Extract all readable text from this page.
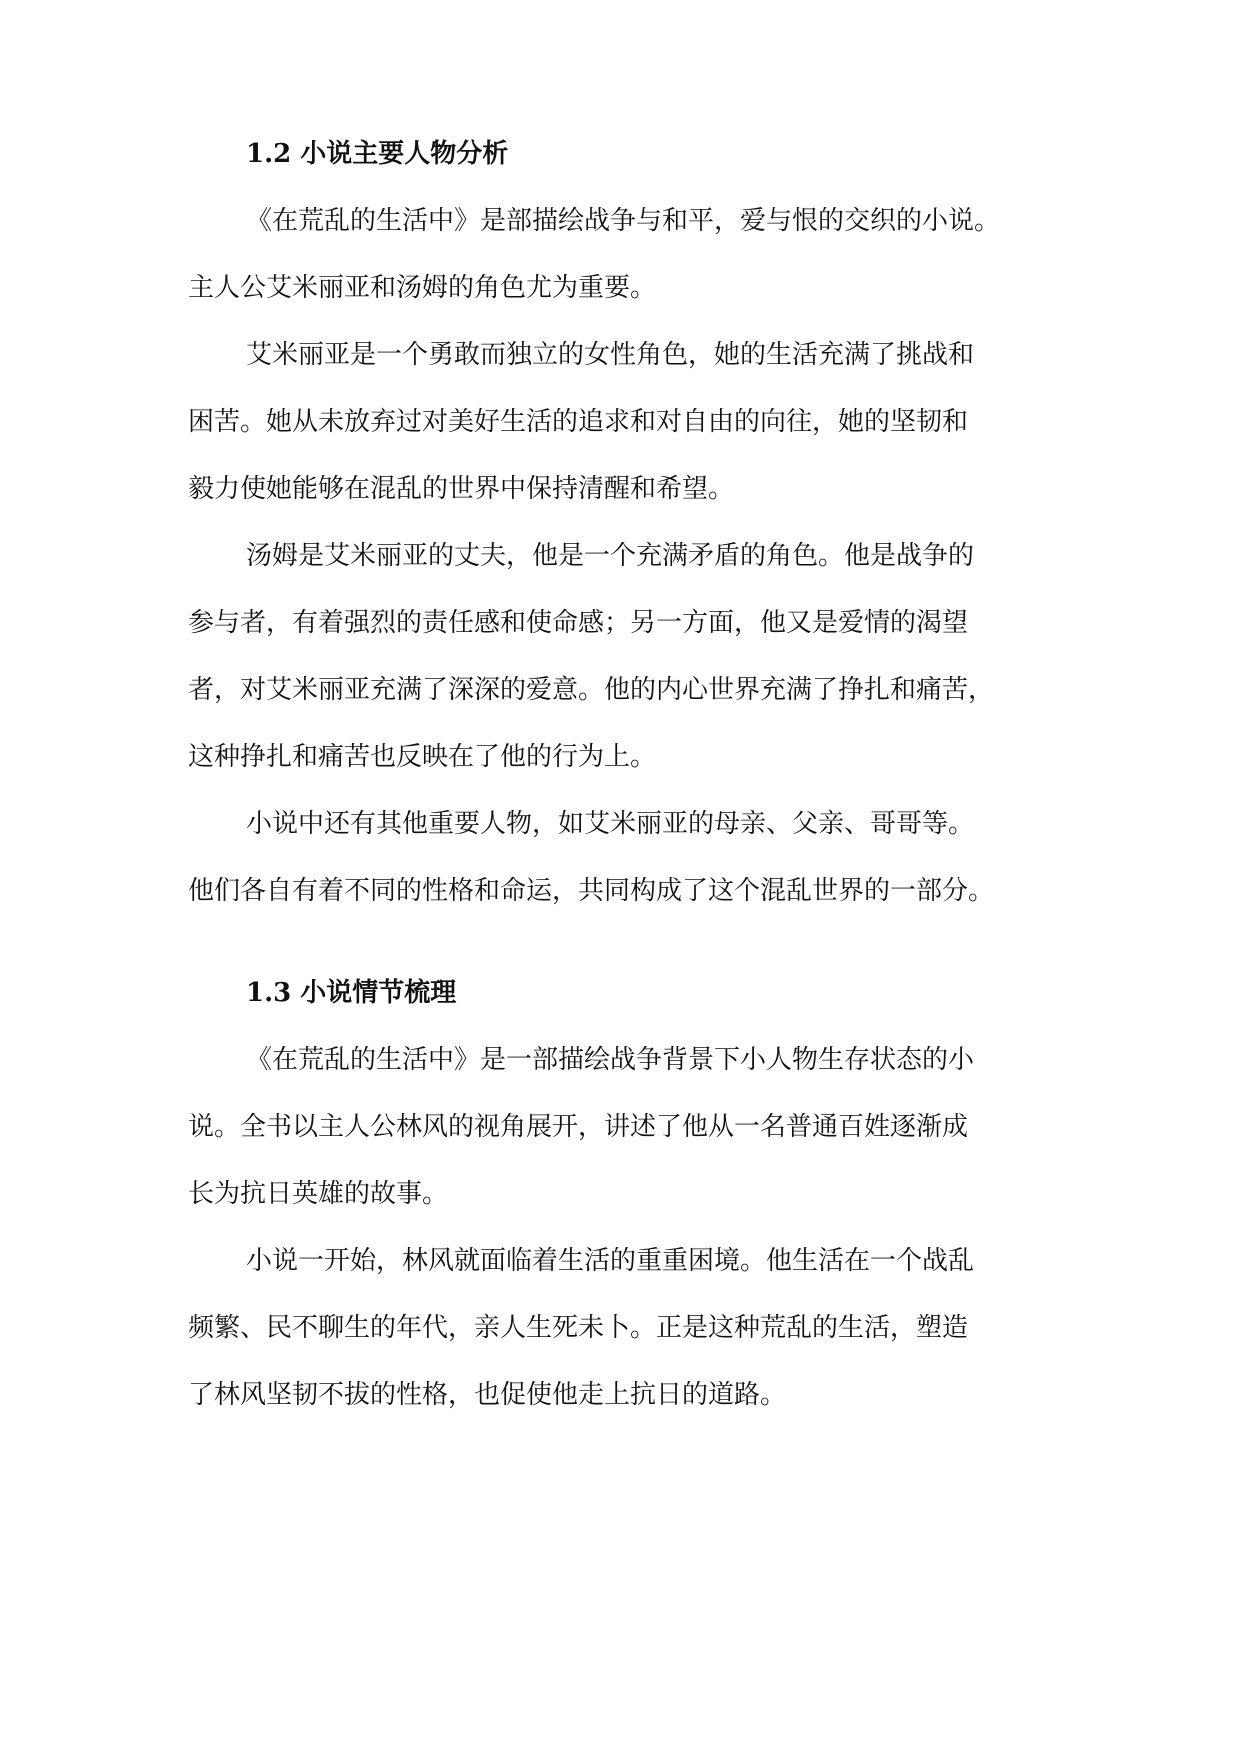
1.2 小说主要人物分析
《在荒乱的生活中》是部描绘战争与和平，爱与恨的交织的小说。
主人公艾米丽亚和汤姆的角色尤为重要。
艾米丽亚是一个勇敢而独立的女性角色，她的生活充满了挑战和
困苦。她从未放弃过对美好生活的追求和对自由的向往，她的坚韧和
毅力使她能够在混乱的世界中保持清醒和希望。
汤姆是艾米丽亚的丈夫，他是一个充满矛盾的角色。他是战争的
参与者，有着强烈的责任感和使命感；另一方面，他又是爱情的渴望
者，对艾米丽亚充满了深深的爱意。他的内心世界充满了挣扎和痛苦，
这种挣扎和痛苦也反映在了他的行为上。
小说中还有其他重要人物，如艾米丽亚的母亲、父亲、哥哥等。
他们各自有着不同的性格和命运，共同构成了这个混乱世界的一部分。
1.3 小说情节梳理
《在荒乱的生活中》是一部描绘战争背景下小人物生存状态的小
说。全书以主人公林风的视角展开，讲述了他从一名普通百姓逐渐成
长为抗日英雄的故事。
小说一开始，林风就面临着生活的重重困境。他生活在一个战乱
频繁、民不聊生的年代，亲人生死未卜。正是这种荒乱的生活，塑造
了林风坚韧不拔的性格，也促使他走上抗日的道路。
